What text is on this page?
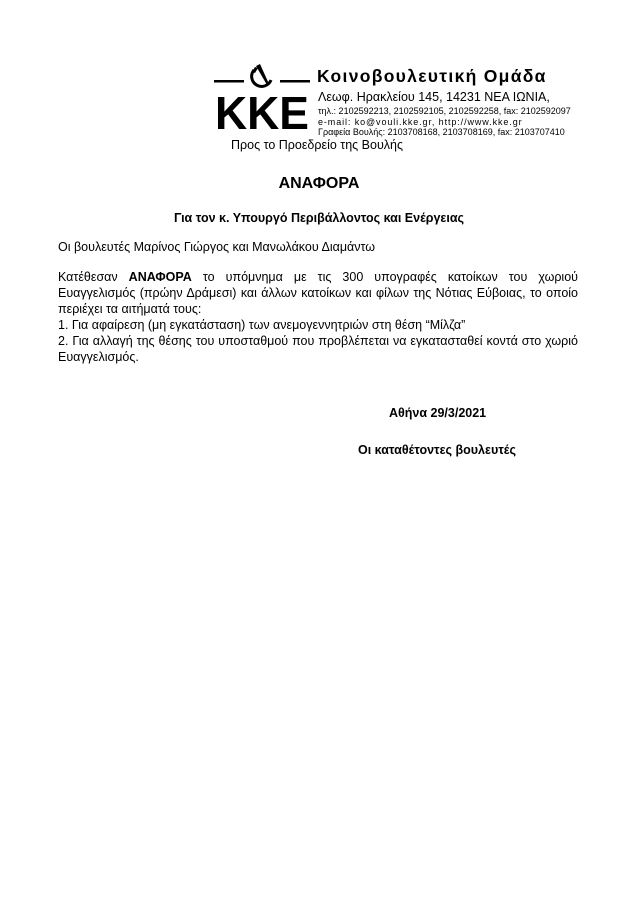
KKE
Κοινοβουλευτική Ομάδα
Λεωφ. Ηρακλείου 145, 14231 ΝΕΑ ΙΩΝΙΑ,
τηλ.: 2102592213, 2102592105, 2102592258, fax: 2102592097
e-mail: ko@vouli.kke.gr, http://www.kke.gr
Γραφεία Βουλής: 2103708168, 2103708169, fax: 2103707410
Προς το Προεδρείο της Βουλής
ΑΝΑΦΟΡΑ
Για τον κ. Υπουργό Περιβάλλοντος και Ενέργειας
Οι βουλευτές Μαρίνος Γιώργος και Μανωλάκου Διαμάντω

Κατέθεσαν ΑΝΑΦΟΡΑ το υπόμνημα με τις 300 υπογραφές κατοίκων του χωριού Ευαγγελισμός (πρώην Δράμεσι) και άλλων κατοίκων και φίλων της Νότιας Εύβοιας, το οποίο περιέχει τα αιτήματά τους:

1. Για αφαίρεση (μη εγκατάσταση) των ανεμογεννητριών στη θέση “Μίλζα”

2. Για αλλαγή της θέσης του υποσταθμού που προβλέπεται να εγκατασταθεί κοντά στο χωριό Ευαγγελισμός.

Αθήνα 29/3/2021
Οι καταθέτοντες βουλευτές
